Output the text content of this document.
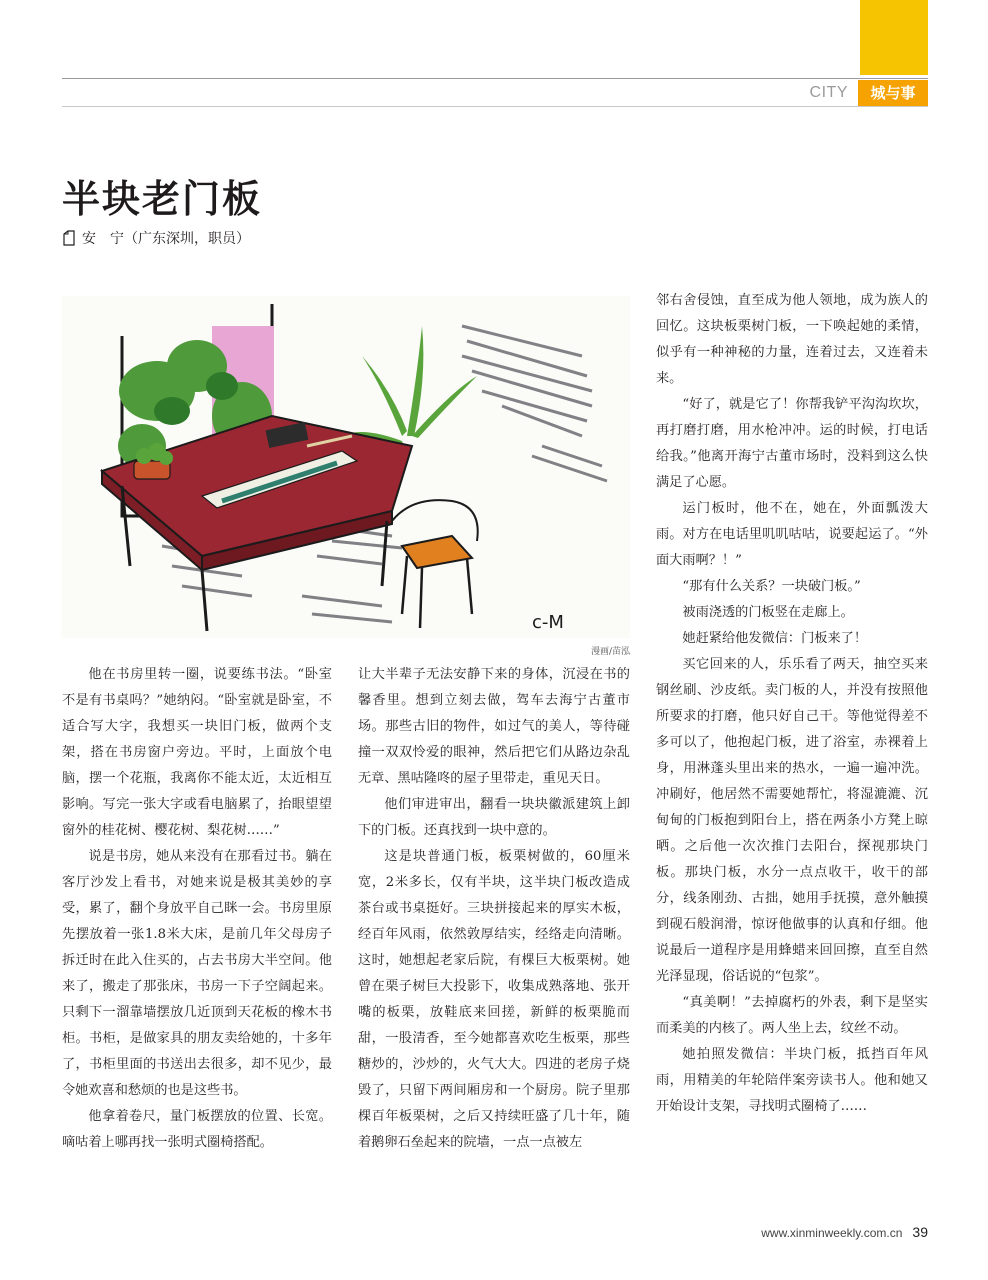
CITY	城与事
半块老门板
安　宁（广东深圳，职员）
c-M
漫画/苗泓

他在书房里转一圈，说要练书法。“卧室不是有书桌吗？”她纳闷。“卧室就是卧室，不适合写大字，我想买一块旧门板，做两个支架，搭在书房窗户旁边。平时，上面放个电脑，摆一个花瓶，我离你不能太近，太近相互影响。写完一张大字或看电脑累了，抬眼望望窗外的桂花树、樱花树、梨花树……”

说是书房，她从来没有在那看过书。躺在客厅沙发上看书，对她来说是极其美妙的享受，累了，翻个身放平自己眯一会。书房里原先摆放着一张1.8米大床，是前几年父母房子拆迁时在此入住买的，占去书房大半空间。他来了，搬走了那张床，书房一下子空阔起来。只剩下一溜靠墙摆放几近顶到天花板的橡木书柜。书柜，是做家具的朋友卖给她的，十多年了，书柜里面的书送出去很多，却不见少，最令她欢喜和愁烦的也是这些书。

他拿着卷尺，量门板摆放的位置、长宽。嘀咕着上哪再找一张明式圈椅搭配。

让大半辈子无法安静下来的身体，沉浸在书的馨香里。想到立刻去做，驾车去海宁古董市场。那些古旧的物件，如过气的美人，等待碰撞一双双怜爱的眼神，然后把它们从路边杂乱无章、黑咕隆咚的屋子里带走，重见天日。

他们审进审出，翻看一块块徽派建筑上卸下的门板。还真找到一块中意的。

这是块普通门板，板栗树做的，60厘米宽，2米多长，仅有半块，这半块门板改造成茶台或书桌挺好。三块拼接起来的厚实木板，经百年风雨，依然敦厚结实，经络走向清晰。这时，她想起老家后院，有棵巨大板栗树。她曾在栗子树巨大投影下，收集成熟落地、张开嘴的板栗，放鞋底来回搓，新鲜的板栗脆而甜，一股清香，至今她都喜欢吃生板栗，那些糖炒的，沙炒的，火气大大。四进的老房子烧毁了，只留下两间厢房和一个厨房。院子里那棵百年板栗树，之后又持续旺盛了几十年，随着鹅卵石垒起来的院墙，一点一点被左

邻右舍侵蚀，直至成为他人领地，成为族人的回忆。这块板栗树门板，一下唤起她的柔情，似乎有一种神秘的力量，连着过去，又连着未来。

“好了，就是它了！你帮我铲平沟沟坎坎，再打磨打磨，用水枪冲冲。运的时候，打电话给我。”他离开海宁古董市场时，没料到这么快满足了心愿。

运门板时，他不在，她在，外面瓢泼大雨。对方在电话里叽叽咕咕，说要起运了。“外面大雨啊？！”

“那有什么关系？一块破门板。”

被雨浇透的门板竖在走廊上。

她赶紧给他发微信：门板来了！

买它回来的人，乐乐看了两天，抽空买来钢丝刷、沙皮纸。卖门板的人，并没有按照他所要求的打磨，他只好自己干。等他觉得差不多可以了，他抱起门板，进了浴室，赤裸着上身，用淋蓬头里出来的热水，一遍一遍冲洗。冲刷好，他居然不需要她帮忙，将湿漉漉、沉甸甸的门板抱到阳台上，搭在两条小方凳上晾晒。之后他一次次推门去阳台，探视那块门板。那块门板，水分一点点收干，收干的部分，线条刚劲、古拙，她用手抚摸，意外触摸到砚石般润滑，惊讶他做事的认真和仔细。他说最后一道程序是用蜂蜡来回回擦，直至自然光泽显现，俗话说的“包浆”。

“真美啊！”去掉腐朽的外表，剩下是坚实而柔美的内核了。两人坐上去，纹丝不动。

她拍照发微信：半块门板，抵挡百年风雨，用精美的年轮陪伴案旁读书人。他和她又开始设计支架，寻找明式圈椅了……

www.xinminweekly.com.cn 39
